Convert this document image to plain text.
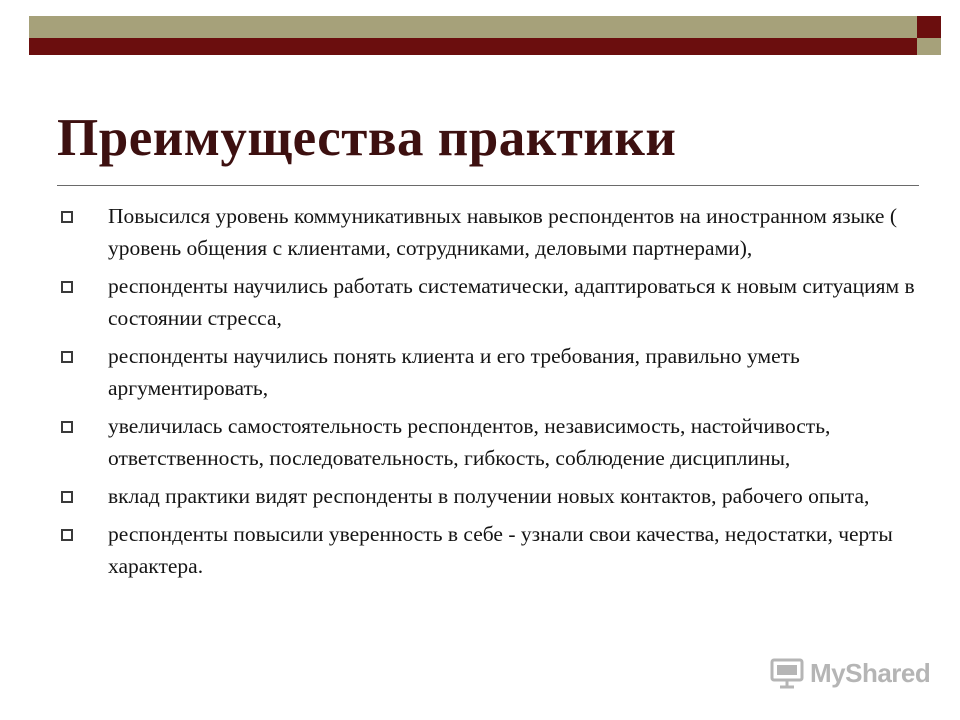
Преимущества практики
Повысился уровень коммуникативных навыков респондентов на иностранном языке ( уровень общения с клиентами, сотрудниками, деловыми партнерами),
респонденты научились работать систематически, адаптироваться к новым ситуациям в состоянии стресса,
респонденты научились понять клиента и его требования, правильно уметь аргументировать,
увеличилась самостоятельность респондентов, независимость, настойчивость, ответственность, последовательность, гибкость, соблюдение дисциплины,
вклад практики видят респонденты в получении новых контактов, рабочего опыта,
респонденты повысили уверенность в себе - узнали свои качества, недостатки, черты характера.
MyShared
